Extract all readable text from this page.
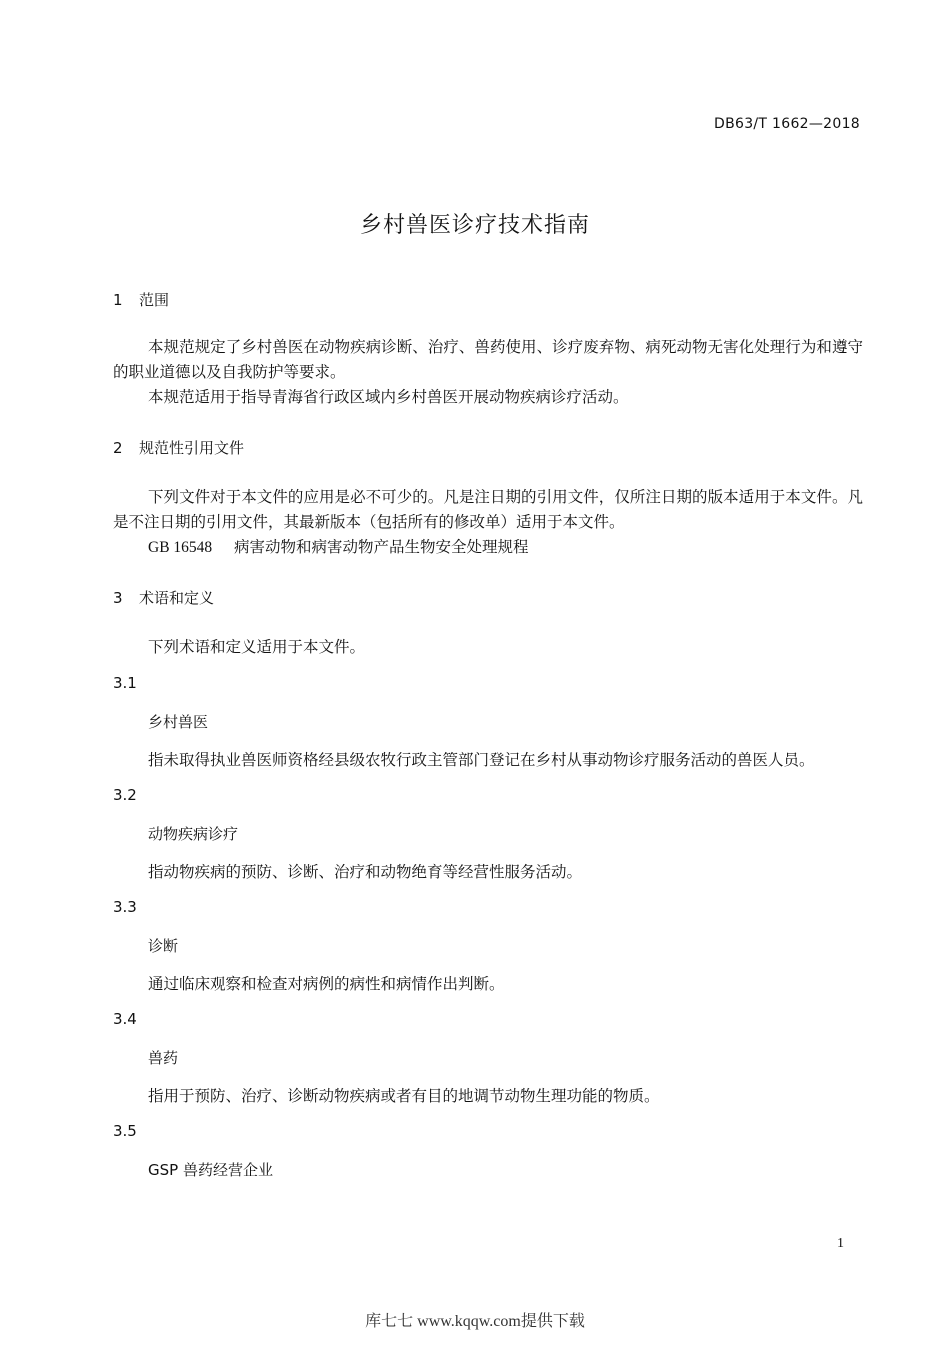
DB63/T 1662—2018
乡村兽医诊疗技术指南
1 范围
本规范规定了乡村兽医在动物疾病诊断、治疗、兽药使用、诊疗废弃物、病死动物无害化处理行为和遵守的职业道德以及自我防护等要求。
本规范适用于指导青海省行政区域内乡村兽医开展动物疾病诊疗活动。
2 规范性引用文件
下列文件对于本文件的应用是必不可少的。凡是注日期的引用文件，仅所注日期的版本适用于本文件。凡是不注日期的引用文件，其最新版本（包括所有的修改单）适用于本文件。
GB 16548 病害动物和病害动物产品生物安全处理规程
3 术语和定义
下列术语和定义适用于本文件。
3.1
乡村兽医
指未取得执业兽医师资格经县级农牧行政主管部门登记在乡村从事动物诊疗服务活动的兽医人员。
3.2
动物疾病诊疗
指动物疾病的预防、诊断、治疗和动物绝育等经营性服务活动。
3.3
诊断
通过临床观察和检查对病例的病性和病情作出判断。
3.4
兽药
指用于预防、治疗、诊断动物疾病或者有目的地调节动物生理功能的物质。
3.5
GSP 兽药经营企业
1
库七七 www.kqqw.com提供下载
